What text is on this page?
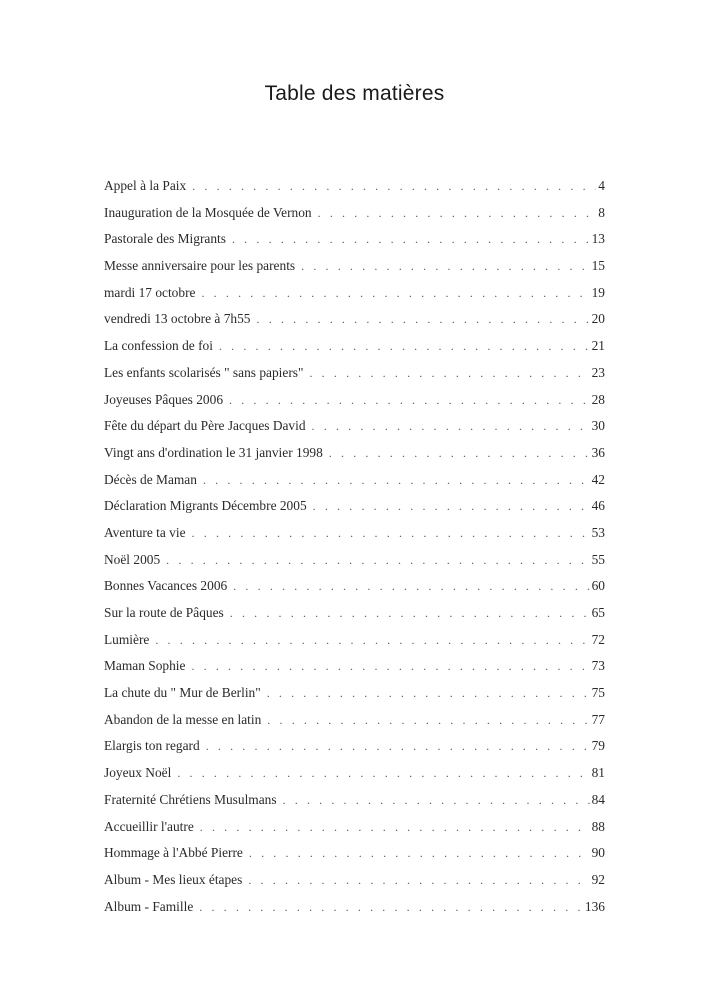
Table des matières
Appel à la Paix . . .	4
Inauguration de la Mosquée de Vernon . . .	8
Pastorale des Migrants . . .	13
Messe anniversaire pour les parents . . .	15
mardi 17 octobre . . .	19
vendredi 13 octobre à 7h55 . . .	20
La confession de foi . . .	21
Les enfants scolarisés " sans papiers" . . .	23
Joyeuses Pâques 2006 . . .	28
Fête du départ du Père Jacques David . . .	30
Vingt ans d'ordination le 31 janvier 1998 . . .	36
Décès de Maman . . .	42
Déclaration Migrants Décembre 2005 . . .	46
Aventure ta vie . . .	53
Noël 2005 . . .	55
Bonnes Vacances 2006 . . .	60
Sur la route de Pâques . . .	65
Lumière . . .	72
Maman Sophie . . .	73
La chute du " Mur de Berlin" . . .	75
Abandon de la messe en latin . . .	77
Elargis ton regard . . .	79
Joyeux Noël . . .	81
Fraternité Chrétiens Musulmans . . .	84
Accueillir l'autre . . .	88
Hommage à l'Abbé Pierre . . .	90
Album - Mes lieux étapes . . .	92
Album - Famille . . .	136
